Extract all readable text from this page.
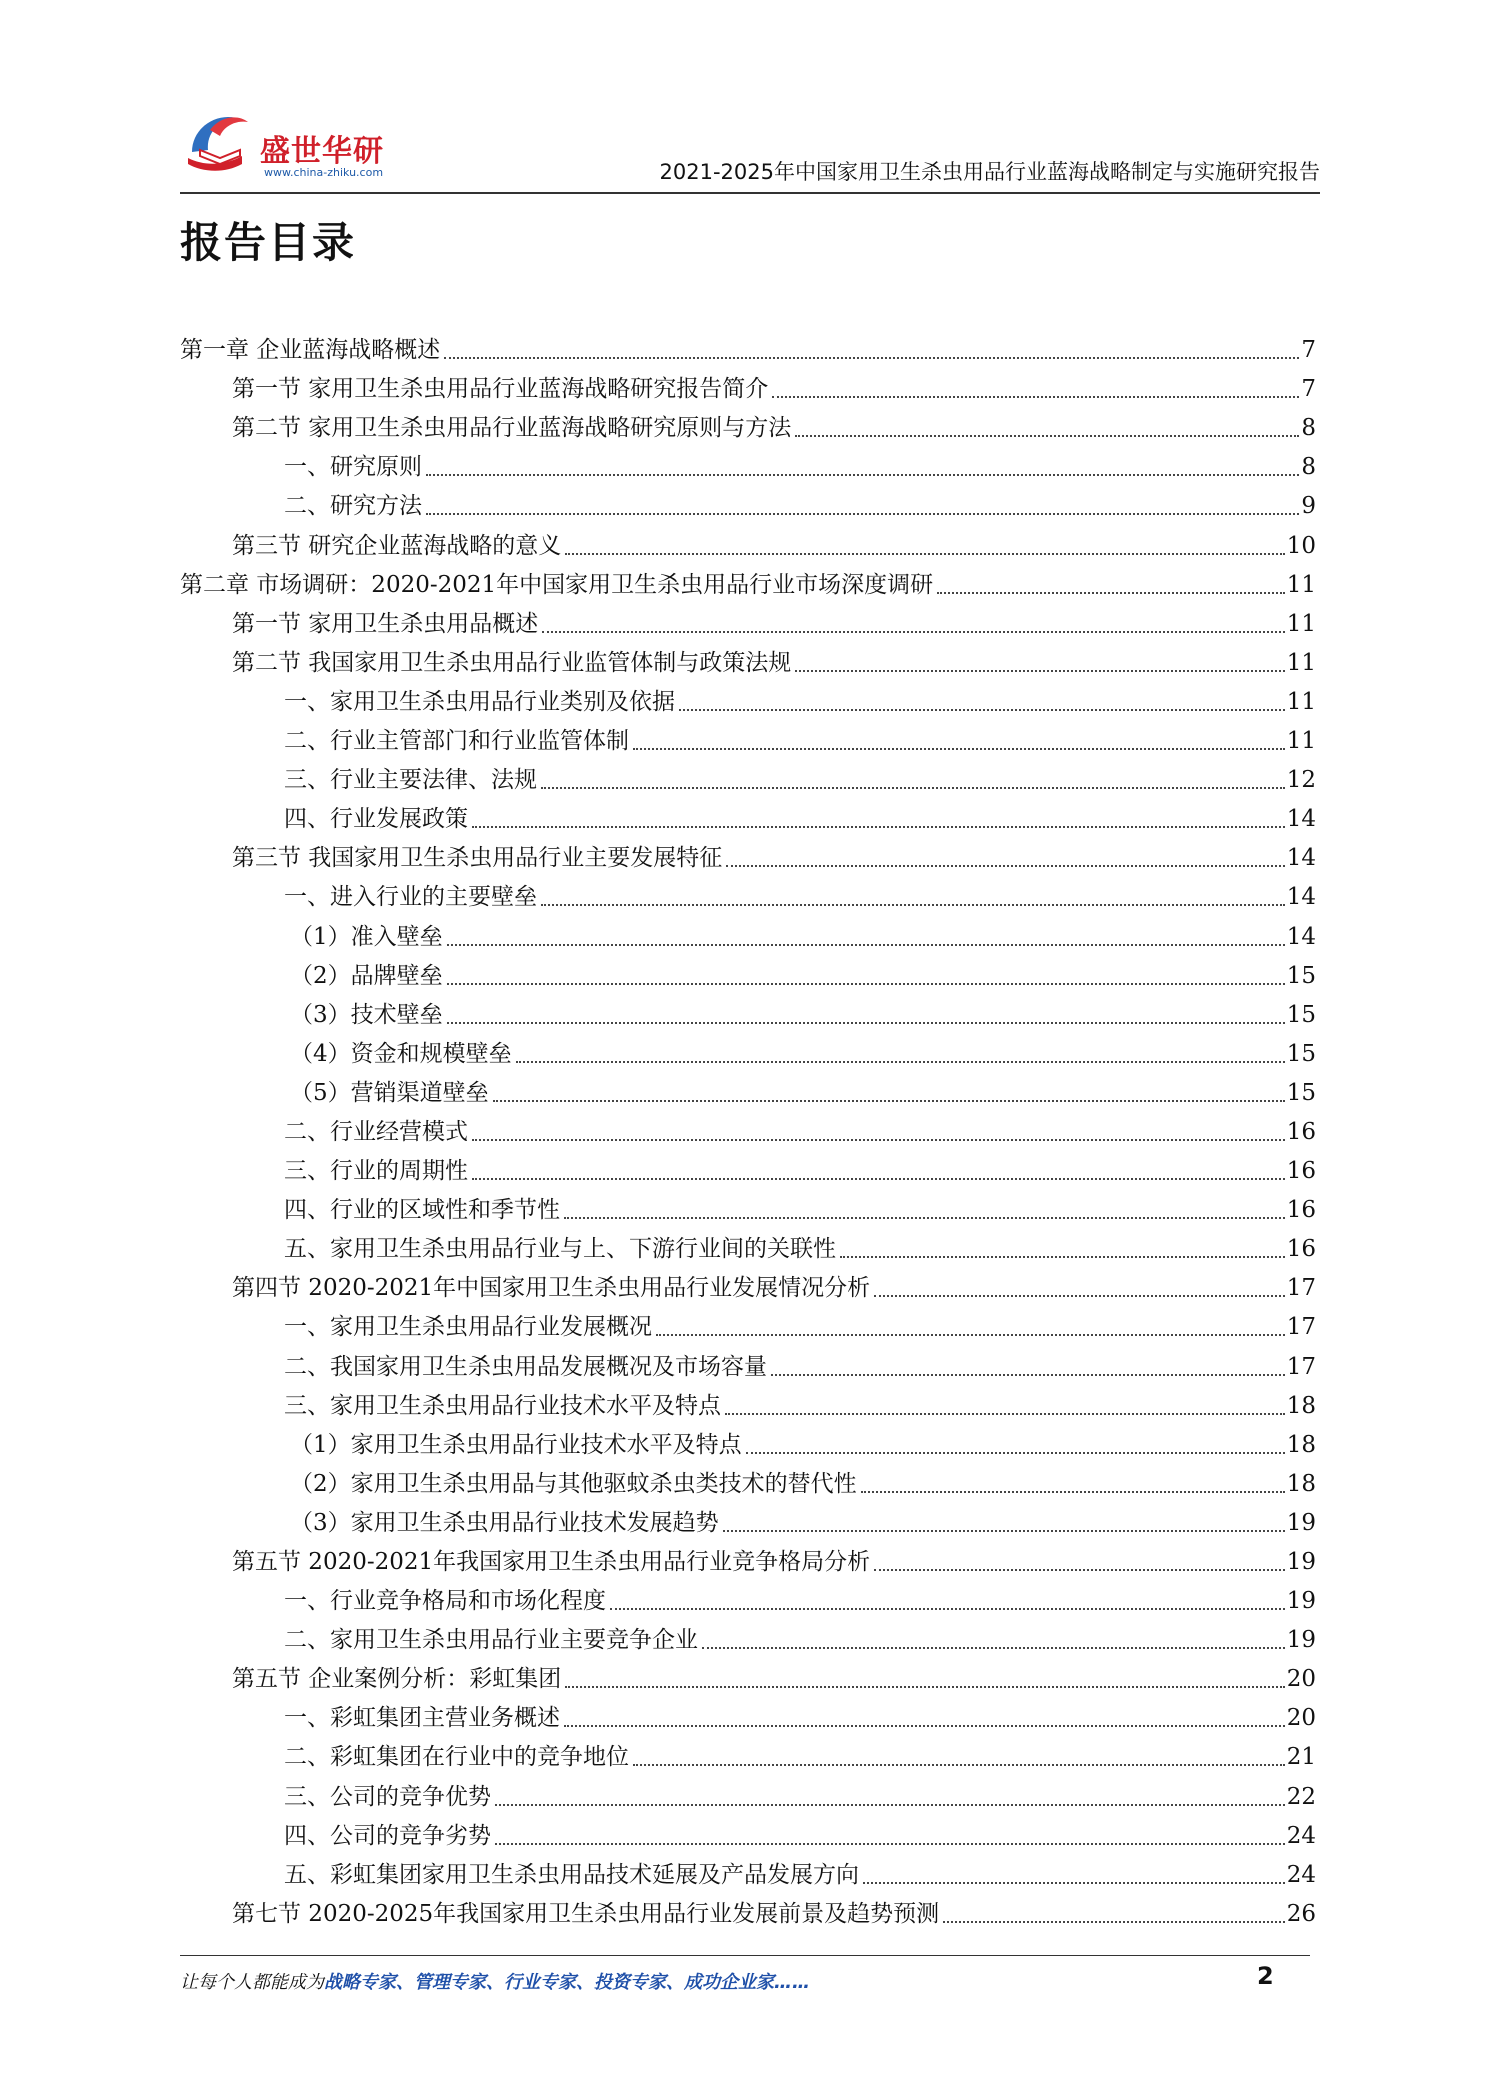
盛世华研
www.china-zhiku.com	2021-2025年中国家用卫生杀虫用品行业蓝海战略制定与实施研究报告
报告目录
第一章 企业蓝海战略概述	7
第一节 家用卫生杀虫用品行业蓝海战略研究报告简介	7
第二节 家用卫生杀虫用品行业蓝海战略研究原则与方法	8
一、研究原则	8
二、研究方法	9
第三节 研究企业蓝海战略的意义	10
第二章 市场调研：2020-2021年中国家用卫生杀虫用品行业市场深度调研	11
第一节 家用卫生杀虫用品概述	11
第二节 我国家用卫生杀虫用品行业监管体制与政策法规	11
一、家用卫生杀虫用品行业类别及依据	11
二、行业主管部门和行业监管体制	11
三、行业主要法律、法规	12
四、行业发展政策	14
第三节 我国家用卫生杀虫用品行业主要发展特征	14
一、进入行业的主要壁垒	14
（1）准入壁垒	14
（2）品牌壁垒	15
（3）技术壁垒	15
（4）资金和规模壁垒	15
（5）营销渠道壁垒	15
二、行业经营模式	16
三、行业的周期性	16
四、行业的区域性和季节性	16
五、家用卫生杀虫用品行业与上、下游行业间的关联性	16
第四节 2020-2021年中国家用卫生杀虫用品行业发展情况分析	17
一、家用卫生杀虫用品行业发展概况	17
二、我国家用卫生杀虫用品发展概况及市场容量	17
三、家用卫生杀虫用品行业技术水平及特点	18
（1）家用卫生杀虫用品行业技术水平及特点	18
（2）家用卫生杀虫用品与其他驱蚊杀虫类技术的替代性	18
（3）家用卫生杀虫用品行业技术发展趋势	19
第五节 2020-2021年我国家用卫生杀虫用品行业竞争格局分析	19
一、行业竞争格局和市场化程度	19
二、家用卫生杀虫用品行业主要竞争企业	19
第五节 企业案例分析：彩虹集团	20
一、彩虹集团主营业务概述	20
二、彩虹集团在行业中的竞争地位	21
三、公司的竞争优势	22
四、公司的竞争劣势	24
五、彩虹集团家用卫生杀虫用品技术延展及产品发展方向	24
第七节 2020-2025年我国家用卫生杀虫用品行业发展前景及趋势预测	26
让每个人都能成为战略专家、管理专家、行业专家、投资专家、成功企业家……	2
